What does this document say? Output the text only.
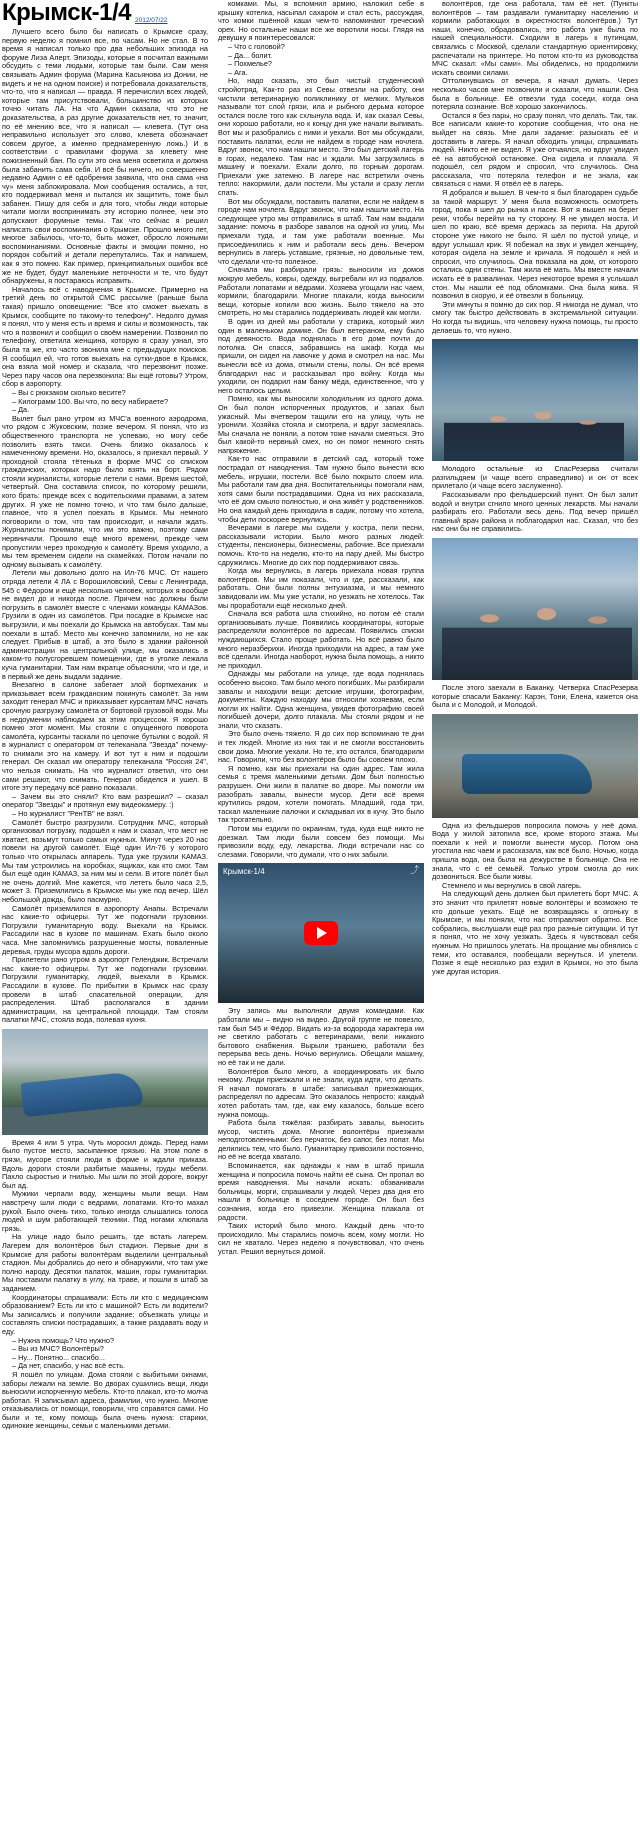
Крымск-1/4 2012/07/22

Лучшего всего было бы написать о Крымске сразу, первую неделю я помнил все, по часам. Но не стал. В то время я написал только про два небольших эпизода на форуме Лиза Алерт. Эпизоды, которые я посчитал важными обсудить с теми людьми, которые там были. Сам меня связывать Админ форума (Марина Касьянова из Донии, не видеть и не на одном поиске) и потребовала доказательств, что-то, что я написал — правда. Я перечислил всех людей, которые там присутствовали, большинство из которых точно читать ЛА. На что Админ сказала, что это не доказательства, а раз другие доказательств нет, то значит, по её мнению все, что я написал — клевета. (Тут она неправильно использует это слово, клевета обозначает совсем другое, а именно преднамеренную ложь.) И в соответствии с правилами форума за клевету мне пожизненный бан. По сути это она меня осветила и должна была забанить сама себя. И всё бы ничего, но совершенно недавно Админ с её одобрения заявила, что она сама «на чу» меня заблокировала. Мои сообщения остались, а тот, кто поддерживал меня и пытался их защитить, тоже был забанен. Пишу для себя и для того, чтобы люди которые читали могли воспринимать эту историю полнее, чем это допускают форумные темы. Так что сейчас я решил написать свои воспоминания о Крымске. Прошло много лет, многое забылось, что-то, быть может, обросло ложными воспоминаниями. Основные факты и эмоции помню, но порядок событий и детали перепутались. Так и напишем, как я это помню. Как пример, принципиальных ошибок всё же не будет, будут маленькие неточности и те, что будут обнаружены, я постараюсь исправить.

Началось всё с наводнения в Крымске. Примерно на третий день по открытой СМС рассылке (раньше была такая) пришло оповещение: "Все кто сможет выехать в Крымск, сообщите по такому-то телефону". Недолго думая я понял, что у меня есть и время и силы и возможность, так что я позвонил и сообщил о своём намерении. Позвонил по телефону, ответила женщина, которую я сразу узнал, это была та же, кто часто звонила мне с предыдущих поисков. Я сообщил ей, что готов выехать на сутки-двое в Крымск, она взяла мой номер и сказала, что перезвонит позже. Через пару часов она перезвонила: Вы ещё готовы? Утром, сбор в аэропорту.

– Вы с рюкзаком сколько весите?

– Килограмм 100. Вы что, по весу набираете?

– Да.

Вылет был рано утром из МЧС'а военного аэродрома, что рядом с Жуковским, позже вечером. Я понял, что из общественного транспорта не успеваю, но могу себе позволить взять такси. Очень близко оказалось к намеченному времени. Но, оказалось, я приехал первый. У проходной стояла тётенька в форме МЧС со списком гражданских, которых надо было взять на борт. Рядом стояли журналисты, которые летели с нами. Время шестой, четвертый. Она составила список, по которому решили, кого брать: прежде всех с водительскими правами, а затем других. Я уже не помню точно, и что там было дальше, главное, что я успел поехать в Крымск. Мы немного поговорили о том, что там происходит, и начали ждать. Журналисты понимали, что им это важно, поэтому сами нервничали. Прошло ещё много времени, прежде чем пропустили через проходную к самолёту. Время уходило, а мы тем временем сидели на скамейках. Потом начали по одному вызывать к самолёту.

Летели мы довольно долго на Ил-76 МЧС. От нашего отряда летели 4 ЛА с Ворошиловский, Севы с Ленинграда, 545 с Фёдором и ещё несколько человек, которых я вообще не видел до и никогда после. Причем нас должны были погрузить в самолёт вместе с членами команды КАМАЗов. Грузили в один из самолётов. При посадке в Крымске нас выгрузили, и мы поехали до Крымска на автобусах. Там мы поехали в штаб. Место мы конечно запомнили, но не как следует. Прибыв в штаб, а это было в здании районной администрации на центральной улице, мы оказались в каком-то полусгоревшем помещении, где в уголке лежала куча гуманитарки. Там нам вкратце объяснили, что и где, и в первый же день выдали задание.

Внезапно в салоне забегает злой бортмеханик и приказывает всем гражданским покинуть самолёт. За ним заходит генерал МЧС и приказывает курсантам МЧС начать срочную разгрузку самолёта от бортовой грузовой воды. Мы в недоумении наблюдаем за этим процессом. Я хорошо помню этот момент. Мы стояли с опущенного поворота самолёта, курсанты таскали по цепочке бутылки с водой. Я в журналист с оператором от телеканала "Звезда" почему-то снимали это на камеру. И вот тут к ним и подошли генерал. Он сказал им оператору телеканала "Россия 24", что нельзя снимать. На что журналист ответил, что они сами решают, что снимать. Генерал обиделся и ушел. В итоге эту передачу всё равно показали.

– Зачем вы это сняли? Кто вам разрешил? – сказал оператор "Звезды" и протянул ему видеокамеру. :)

– Но журналист "РенТВ" не взял.

Самолёт быстро разгрузили. Сотрудник МЧС, который организовал погрузку, подошёл к нам и сказал, что мест не хватает, возьмут только самых нужных. Минут через 20 нас повели на другой самолёт. Ещё один Ил-76 у которого только что открылась аппарель. Туда уже грузили КАМАЗ. Мы там устроились на коробках, ящиках, как кто смог. Там был ещё один КАМАЗ, за ним мы и сели. В итоге полёт был не очень долгий. Мне кажется, что лететь было часа 2,5, может 3. Приземлились в Крымске мы уже под вечер. Шёл небольшой дождь, было пасмурно.

Самолёт приземлился в аэропорту Анапы. Встречали нас какие-то офицеры. Тут же подогнали грузовики. Погрузили гуманитарную воду. Выехали на Крымск. Рассадили нас в кузове по машинам. Ехать было около часа. Мне запомнились разрушенные мосты, поваленные деревья, груды мусора вдоль дороги.

Прилетели рано утром в аэропорт Геленджик. Встречали нас какие-то офицеры. Тут же подогнали грузовики. Погрузили гуманитарку, людей, выехали в Крымск. Рассадили в кузове. По прибытии в Крымск нас сразу провели в штаб спасательной операции, для распределения. Штаб располагался в здании администрации, на центральной площади. Там стояли палатки МЧС, стояла вода, полевая кухня.

Время 4 или 5 утра. Чуть моросил дождь. Перед нами было пустое место, засыпанное грязью. На этом поле в грязи, мусоре стояли люди в форме и ждали приказа. Вдоль дороги стояли разбитые машины, груды мебели. Пахло сыростью и гнилью. Мы шли по этой дороге, вокруг был ад.

Мужики черпали воду, женщины мыли вещи. Нам навстречу шли люди с ведрами, лопатами. Кто-то махал рукой. Было очень тихо, только иногда слышались голоса людей и шум работающей техники. Под ногами хлюпала грязь.

На улице надо было решить, где встать лагерем. Лагерем для волонтёров был стадион. Первые дни в Крымске для работы волонтёрам выделили центральный стадион. Мы добрались до него и обнаружили, что там уже полно народу. Десятки палаток, машин, горы гуманитарки. Мы поставили палатку в углу, на траве, и пошли в штаб за заданием.

Координаторы спрашивали: Есть ли кто с медицинским образованием? Есть ли кто с машиной? Есть ли водители? Мы записались и получили задание: объезжать улицы и составлять списки пострадавших, а также раздавать воду и еду.

– Нужна помощь? Что нужно?

– Вы из МЧС? Волонтёры?

– Ну... Понятно... спасибо...

– Да нет, спасибо, у нас всё есть.

Я пошёл по улицам. Дома стояли с выбитыми окнами, заборы лежали на земле. Во дворах сушились вещи, люди выносили испорченную мебель. Кто-то плакал, кто-то молча работал. Я записывал адреса, фамилии, что нужно. Многие отказывались от помощи, говорили, что справятся сами. Но были и те, кому помощь была очень нужна: старики, одинокие женщины, семьи с маленькими детьми.

комками. Мы, я вспомнил армию, наложил себе в крышку котелка, насыпал сахаром и стал есть, рассуждая, что комки пшённой каши чем-то напоминают греческий орех. Но остальные наши все же воротили носы. Глядя на девушку я поинтересовался:

– Что с головой?

– Да... болит.

– Похмелье?

– Ага.

Но, надо сказать, это был чистый студенческий стройотряд. Как-то раз из Севы отвезли на работу, они чистили ветеринарную поликлинику от мелких. Мульков называли тот слой грязи, ила и рыбного дерьма которое остался после того как схлынула вода. И, как сказал Севы, они хорошо работали, но к концу дня уже начали выпивать. Вот мы и разобрались с ними и уехали. Вот мы обсуждали, поставить палатки, если не найдем в городе нам ночлега. Вдруг звонок, что нам нашли место. Это был детский лагерь в горах, недалеко. Там нас и ждали. Мы загрузились в машину и поехали. Ехали долго, по горным дорогам. Приехали уже затемно. В лагере нас встретили очень тепло: накормили, дали постели. Мы устали и сразу легли спать.

Вот мы обсуждали, поставить палатки, если не найдем в городе нам ночлега. Вдруг звонок, что нам нашли место. На следующее утро мы отправились в штаб. Там нам выдали задание: помочь в разборе завалов на одной из улиц. Мы приехали туда, и там уже работали военные. Мы присоединились к ним и работали весь день. Вечером вернулись в лагерь уставшие, грязные, но довольные тем, что сделали что-то полезное.

Сначала мы разбирали грязь: выносили из домов мокрую мебель, ковры, одежду, выгребали ил из подвалов. Работали лопатами и вёдрами. Хозяева угощали нас чаем, кормили, благодарили. Многие плакали, когда выносили вещи, которые копили всю жизнь. Было тяжело на это смотреть, но мы старались поддерживать людей как могли.

В один из дней мы работали у старика, который жил один в маленьком домике. Он был ветераном, ему было под девяносто. Вода поднялась в его доме почти до потолка. Он спасся, забравшись на шкаф. Когда мы пришли, он сидел на лавочке у дома и смотрел на нас. Мы вынесли всё из дома, отмыли стены, полы. Он всё время благодарил нас и рассказывал про войну. Когда мы уходили, он подарил нам банку мёда, единственное, что у него осталось целым.

Помню, как мы выносили холодильник из одного дома. Он был полон испорченных продуктов, и запах был ужасный. Мы вчетвером тащили его на улицу, чуть не уронили. Хозяйка стояла и смотрела, и вдруг засмеялась. Мы сначала не поняли, а потом тоже начали смеяться. Это был какой-то нервный смех, но он помог немного снять напряжение.

Как-то нас отправили в детский сад, который тоже пострадал от наводнения. Там нужно было вынести всю мебель, игрушки, постели. Всё было покрыто слоем ила. Мы работали там два дня. Воспитательницы помогали нам, хотя сами были пострадавшими. Одна из них рассказала, что её дом смыло полностью, и она живёт у родственников. Но она каждый день приходила в садик, потому что хотела, чтобы дети поскорее вернулись.

Вечерами в лагере мы сидели у костра, пели песни, рассказывали истории. Было много разных людей: студенты, пенсионеры, бизнесмены, рабочие. Все приехали помочь. Кто-то на неделю, кто-то на пару дней. Мы быстро сдружились. Многие до сих пор поддерживают связь.

Когда мы вернулись, в лагерь приехала новая группа волонтёров. Мы им показали, что и где, рассказали, как работать. Они были полны энтузиазма, и мы немного завидовали им. Мы уже устали, но уезжать не хотелось. Так мы проработали ещё несколько дней.

Сначала вся работа шла стихийно, но потом её стали организовывать лучше. Появились координаторы, которые распределяли волонтёров по адресам. Появились списки нуждающихся. Стало проще работать. Но всё равно было много неразберихи. Иногда приходили на адрес, а там уже всё сделали. Иногда наоборот, нужна была помощь, а никто не приходил.

Однажды мы работали на улице, где вода поднялась особенно высоко. Там было много погибших. Мы разбирали завалы и находили вещи: детские игрушки, фотографии, документы. Каждую находку мы относили хозяевам, если могли их найти. Одна женщина, увидев фотографию своей погибшей дочери, долго плакала. Мы стояли рядом и не знали, что сказать.

Это было очень тяжело. Я до сих пор вспоминаю те дни и тех людей. Многие из них так и не смогли восстановить свои дома. Многие уехали. Но те, кто остался, благодарили нас. Говорили, что без волонтёров было бы совсем плохо.

Я помню, как мы приехали на один адрес. Там жила семья с тремя маленькими детьми. Дом был полностью разрушен. Они жили в палатке во дворе. Мы помогли им разобрать завалы, вынести мусор. Дети всё время крутились рядом, хотели помогать. Младший, года три, таскал маленькие палочки и складывал их в кучу. Это было так трогательно.

Потом мы ездили по окраинам, туда, куда ещё никто не доезжал. Там люди были совсем без помощи. Мы привозили воду, еду, лекарства. Люди встречали нас со слезами. Говорили, что думали, что о них забыли.

Крымск-1/4	⤴

Эту запись мы выполняли двумя командами. Как работали мы – видно на видео. Другой группе не повезло, там был 545 и Фёдор. Видать из-за водорода характера им не светило работать с ветеринарами, вели никакого бытового снабжения. Вырыли траншею, работали без перерыва весь день. Ночью вернулись. Обещали машину, но её так и не дали.

Волонтёров было много, а координировать их было некому. Люди приезжали и не знали, куда идти, что делать. Я начал помогать в штабе: записывал приезжающих, распределял по адресам. Это оказалось непросто: каждый хотел работать там, где, как ему казалось, больше всего нужна помощь.

Работа была тяжёлая: разбирать завалы, выносить мусор, чистить дома. Многие волонтёры приезжали неподготовленными: без перчаток, без сапог, без лопат. Мы делились тем, что было. Гуманитарку привозили постоянно, но её не всегда хватало.

Вспоминается, как однажды к нам в штаб пришла женщина и попросила помочь найти её сына. Он пропал во время наводнения. Мы начали искать: обзванивали больницы, морги, спрашивали у людей. Через два дня его нашли в больнице в соседнем городе. Он был без сознания, когда его привезли. Женщина плакала от радости.

Таких историй было много. Каждый день что-то происходило. Мы старались помочь всем, кому могли. Но сил не хватало. Через неделю я почувствовал, что очень устал. Решил вернуться домой.

волонтёров, где она работала, там её нет. (Пункты волонтёров – там раздавали гуманитарку населению и кормили работающих в окрестностях волонтёров.) Тут наши, конечно, обрадовались, это работа уже была по нашей специальности. Сходили в лагерь к путинцам, связались с Москвой, сделали стандартную ориентировку, распечатали на принтере. Но потом кто-то из руководства МЧС сказал: «Мы сами». Мы обиделись, но продолжили искать своими силами.

Оттолкнувшись от вечера, я начал думать. Через несколько часов мне позвонили и сказали, что нашли. Она была в больнице. Её отвезли туда соседи, когда она потеряла сознание. Всё хорошо закончилось.

Остался я без пары, но сразу понял, что делать. Так, так. Все написали какие-то короткие сообщения, что она не выйдет на связь. Мне дали задание: разыскать её и доставить в лагерь. Я начал обходить улицы, спрашивать людей. Никто её не видел. Я уже отчаялся, но вдруг увидел её на автобусной остановке. Она сидела и плакала. Я подошёл, сел рядом и спросил, что случилось. Она рассказала, что потеряла телефон и не знала, как связаться с нами. Я отвёл её в лагерь.

Я добрался и вышел. В чем-то я был благодарен судьбе за такой маршрут. У меня была возможность осмотреть город, пока я шел до рынка и пасек. Вот я вышел на берег реки, чтобы перейти на ту сторону. Я не увидел моста. И шел по краю, всё время держась за перила. На другой стороне уже никого не было. Я шёл по пустой улице, и вдруг услышал крик. Я побежал на звук и увидел женщину, которая сидела на земле и кричала. Я подошёл к ней и спросил, что случилось. Она показала на дом, от которого остались одни стены. Там жила её мать. Мы вместе начали искать её в развалинах. Через некоторое время я услышал стон. Мы нашли её под обломками. Она была жива. Я позвонил в скорую, и её отвезли в больницу.

Эти минуты я помню до сих пор. Я никогда не думал, что смогу так быстро действовать в экстремальной ситуации. Но когда ты видишь, что человеку нужна помощь, ты просто делаешь то, что нужно.

Молодого остальные из СпасРезерва считали разгильдяем (и чаще всего справедливо) и он от всех прилетало (и чаще всего заслуженно).

Рассказывали про фельдшерский пункт. Он был залит водой и внутри сгнило много ценных лекарств. Мы начали разбирать его. Работали весь день. Под вечер пришёл главный врач района и поблагодарил нас. Сказал, что без нас они бы не справились.

После этого заехали в Баканку. Четверка СпасРезерва которые спасали Баканку: Карэн, Тони, Елена, кажется она была и с Молодой, и Молодой.

Одна из фельдшеров попросила помочь у неё дома. Вода у жилой затопила все, кроме второго этажа. Мы поехали к ней и помогли вынести мусор. Потом она угостила нас чаем и рассказала, как всё было. Ночью, когда пришла вода, она была на дежурстве в больнице. Она не знала, что с её семьёй. Только утром смогла до них дозвониться. Все были живы.

Стемнело и мы вернулись в свой лагерь.

На следующий день должен был прилететь борт МЧС. А это значит что прилетят новые волонтёры и возможно те кто дольше уехать. Ещё не возвращаясь к огоньку в Крымске, и мы поняли, что нас отправляют обратно. Все собрались, выслушали ещё раз про разные ситуации. И тут я понял, что не хочу уезжать. Здесь я чувствовал себя нужным. Но пришлось улетать. На прощание мы обнялись с теми, кто оставался, пообещали вернуться. И улетели. Позже я ещё несколько раз ездил в Крымск, но это была уже другая история.
